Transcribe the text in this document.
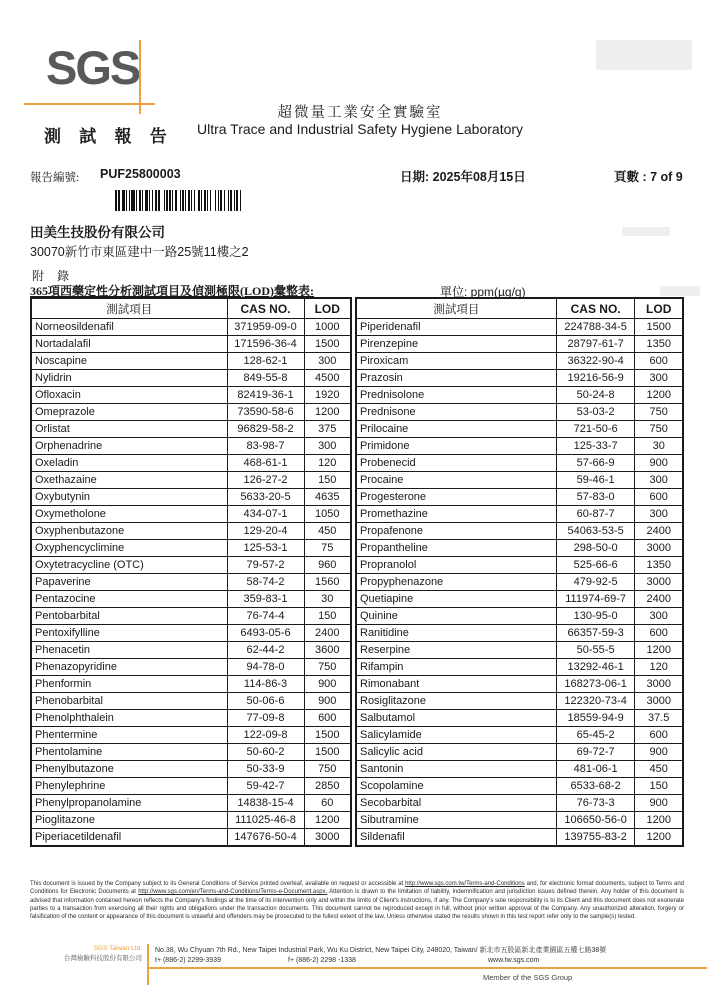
SGS
測 試 報 告
超微量工業安全實驗室
Ultra Trace and Industrial Safety Hygiene Laboratory
報告編號: PUF25800003	日期: 2025年08月15日	頁數 : 7 of 9
田美生技股份有限公司
30070新竹市東區建中一路25號11樓之2
附 錄
365項西藥定性分析測試項目及偵測極限(LOD)彙整表:	單位: ppm(µg/g)
測試項目	CAS NO.	LOD
Norneosildenafil	371959-09-0	1000
Nortadalafil	171596-36-4	1500
Noscapine	128-62-1	300
Nylidrin	849-55-8	4500
Ofloxacin	82419-36-1	1920
Omeprazole	73590-58-6	1200
Orlistat	96829-58-2	375
Orphenadrine	83-98-7	300
Oxeladin	468-61-1	120
Oxethazaine	126-27-2	150
Oxybutynin	5633-20-5	4635
Oxymetholone	434-07-1	1050
Oxyphenbutazone	129-20-4	450
Oxyphencyclimine	125-53-1	75
Oxytetracycline (OTC)	79-57-2	960
Papaverine	58-74-2	1560
Pentazocine	359-83-1	30
Pentobarbital	76-74-4	150
Pentoxifylline	6493-05-6	2400
Phenacetin	62-44-2	3600
Phenazopyridine	94-78-0	750
Phenformin	114-86-3	900
Phenobarbital	50-06-6	900
Phenolphthalein	77-09-8	600
Phentermine	122-09-8	1500
Phentolamine	50-60-2	1500
Phenylbutazone	50-33-9	750
Phenylephrine	59-42-7	2850
Phenylpropanolamine	14838-15-4	60
Pioglitazone	111025-46-8	1200
Piperiacetildenafil	147676-50-4	3000
測試項目	CAS NO.	LOD
Piperidenafil	224788-34-5	1500
Pirenzepine	28797-61-7	1350
Piroxicam	36322-90-4	600
Prazosin	19216-56-9	300
Prednisolone	50-24-8	1200
Prednisone	53-03-2	750
Prilocaine	721-50-6	750
Primidone	125-33-7	30
Probenecid	57-66-9	900
Procaine	59-46-1	300
Progesterone	57-83-0	600
Promethazine	60-87-7	300
Propafenone	54063-53-5	2400
Propantheline	298-50-0	3000
Propranolol	525-66-6	1350
Propyphenazone	479-92-5	3000
Quetiapine	111974-69-7	2400
Quinine	130-95-0	300
Ranitidine	66357-59-3	600
Reserpine	50-55-5	1200
Rifampin	13292-46-1	120
Rimonabant	168273-06-1	3000
Rosiglitazone	122320-73-4	3000
Salbutamol	18559-94-9	37.5
Salicylamide	65-45-2	600
Salicylic acid	69-72-7	900
Santonin	481-06-1	450
Scopolamine	6533-68-2	150
Secobarbital	76-73-3	900
Sibutramine	106650-56-0	1200
Sildenafil	139755-83-2	1200
This document is issued by the Company subject to its General Conditions of Service printed overleaf, available on request or accessible at http://www.sgs.com.tw/Terms-and-Conditions and, for electronic format documents, subject to Terms and Conditions for Electronic Documents at http://www.sgs.com/en/Terms-and-Conditions/Terms-e-Document.aspx. Attention is drawn to the limitation of liability, indemnification and jurisdiction issues defined therein. Any holder of this document is advised that information contained hereon reflects the Company's findings at the time of its intervention only and within the limits of Client's instructions, if any. The Company's sole responsibility is to its Client and this document does not exonerate parties to a transaction from exercising all their rights and obligations under the transaction documents. This document cannot be reproduced except in full, without prior written approval of the Company. Any unauthorized alteration, forgery or falsification of the content or appearance of this document is unlawful and offenders may be prosecuted to the fullest extent of the law. Unless otherwise stated the results shown in this test report refer only to the sample(s) tested.
SGS Taiwan Ltd.
台灣檢驗科技股份有限公司
No.38, Wu Chyuan 7th Rd., New Taipei Industrial Park, Wu Ku District, New Taipei City, 248020, Taiwan/ 新北市五股區新北產業園區五權七路38號
t+ (886-2) 2299-3939	f+ (886-2) 2298 -1338	www.tw.sgs.com
Member of the SGS Group
